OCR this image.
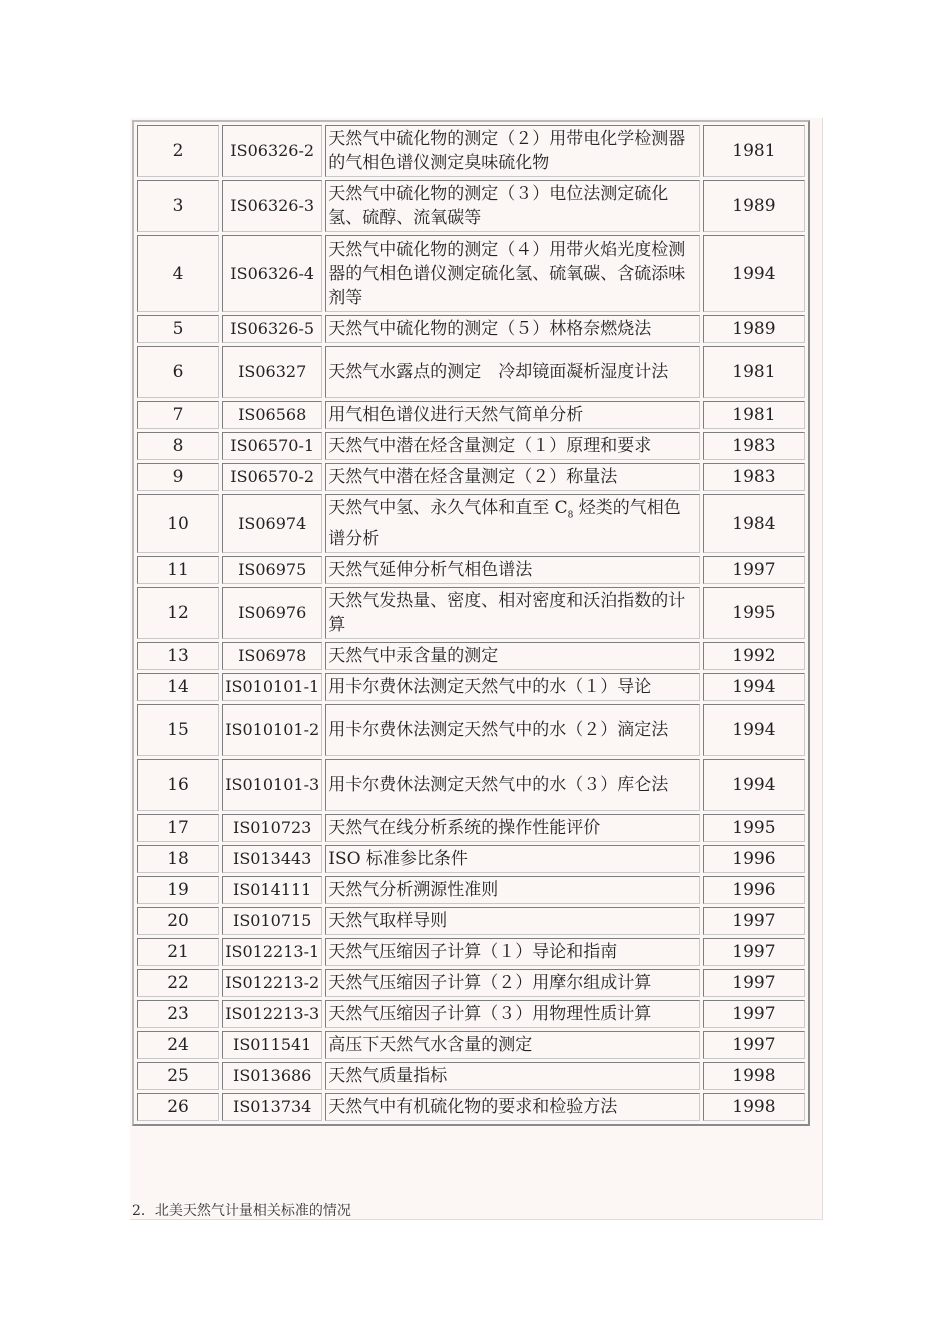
2	IS06326-2	天然气中硫化物的测定（２）用带电化学检测器的气相色谱仪测定臭味硫化物	1981
3	IS06326-3	天然气中硫化物的测定（３）电位法测定硫化氢、硫醇、流氧碳等	1989
4	IS06326-4	天然气中硫化物的测定（４）用带火焰光度检测器的气相色谱仪测定硫化氢、硫氧碳、含硫添味剂等	1994
5	IS06326-5	天然气中硫化物的测定（５）林格奈燃烧法	1989
6	IS06327	天然气水露点的测定　冷却镜面凝析湿度计法	1981
7	IS06568	用气相色谱仪进行天然气简单分析	1981
8	IS06570-1	天然气中潜在烃含量测定（１）原理和要求	1983
9	IS06570-2	天然气中潜在烃含量测定（２）称量法	1983
10	IS06974	天然气中氢、永久气体和直至 $C_8$ 烃类的气相色谱分析	1984
11	IS06975	天然气延伸分析气相色谱法	1997
12	IS06976	天然气发热量、密度、相对密度和沃泊指数的计算	1995
13	IS06978	天然气中汞含量的测定	1992
14	IS010101-1	用卡尔费休法测定天然气中的水（１）导论	1994
15	IS010101-2	用卡尔费休法测定天然气中的水（２）滴定法	1994
16	IS010101-3	用卡尔费休法测定天然气中的水（３）库仑法	1994
17	IS010723	天然气在线分析系统的操作性能评价	1995
18	IS013443	ISO 标准参比条件	1996
19	IS014111	天然气分析溯源性准则	1996
20	IS010715	天然气取样导则	1997
21	IS012213-1	天然气压缩因子计算（１）导论和指南	1997
22	IS012213-2	天然气压缩因子计算（２）用摩尔组成计算	1997
23	IS012213-3	天然气压缩因子计算（３）用物理性质计算	1997
24	IS011541	高压下天然气水含量的测定	1997
25	IS013686	天然气质量指标	1998
26	IS013734	天然气中有机硫化物的要求和检验方法	1998
2．北美天然气计量相关标准的情况
